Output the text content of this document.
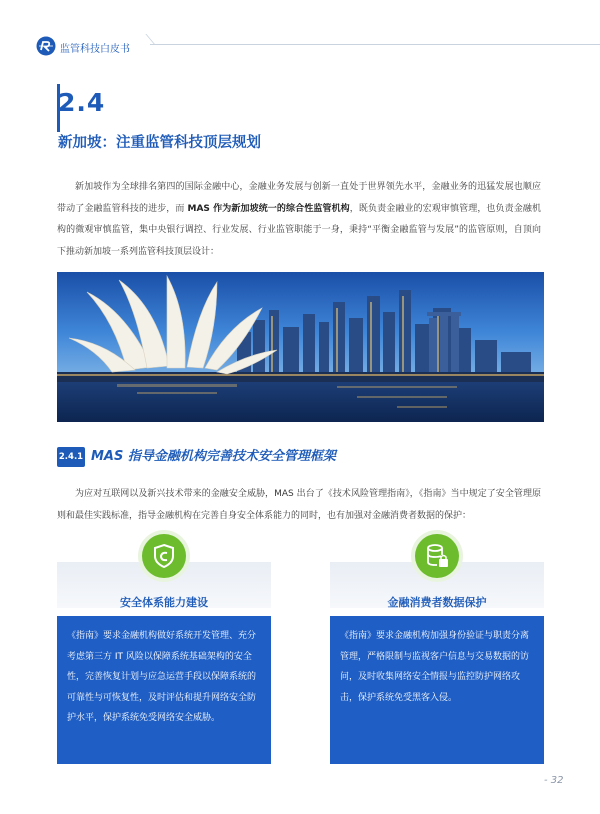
监管科技白皮书
2.4
新加坡：注重监管科技顶层规划
新加坡作为全球排名第四的国际金融中心，金融业务发展与创新一直处于世界领先水平，金融业务的迅猛发展也顺应带动了金融监管科技的进步，而 MAS 作为新加坡统一的综合性监管机构，既负责金融业的宏观审慎管理，也负责金融机构的微观审慎监管，集中央银行调控、行业发展、行业监管职能于一身，秉持“平衡金融监管与发展”的监管原则，自顶向下推动新加坡一系列监管科技顶层设计：
2.4.1 MAS 指导金融机构完善技术安全管理框架
为应对互联网以及新兴技术带来的金融安全威胁，MAS 出台了《技术风险管理指南》，《指南》当中规定了安全管理原则和最佳实践标准，指导金融机构在完善自身安全体系能力的同时，也有加强对金融消费者数据的保护：
安全体系能力建设
《指南》要求金融机构做好系统开发管理、充分考虑第三方 IT 风险以保障系统基础架构的安全性，完善恢复计划与应急运营手段以保障系统的可靠性与可恢复性，及时评估和提升网络安全防护水平，保护系统免受网络安全威胁。
金融消费者数据保护
《指南》要求金融机构加强身份验证与职责分离管理，严格限制与监视客户信息与交易数据的访问，及时收集网络安全情报与监控防护网络攻击，保护系统免受黑客入侵。
- 32
